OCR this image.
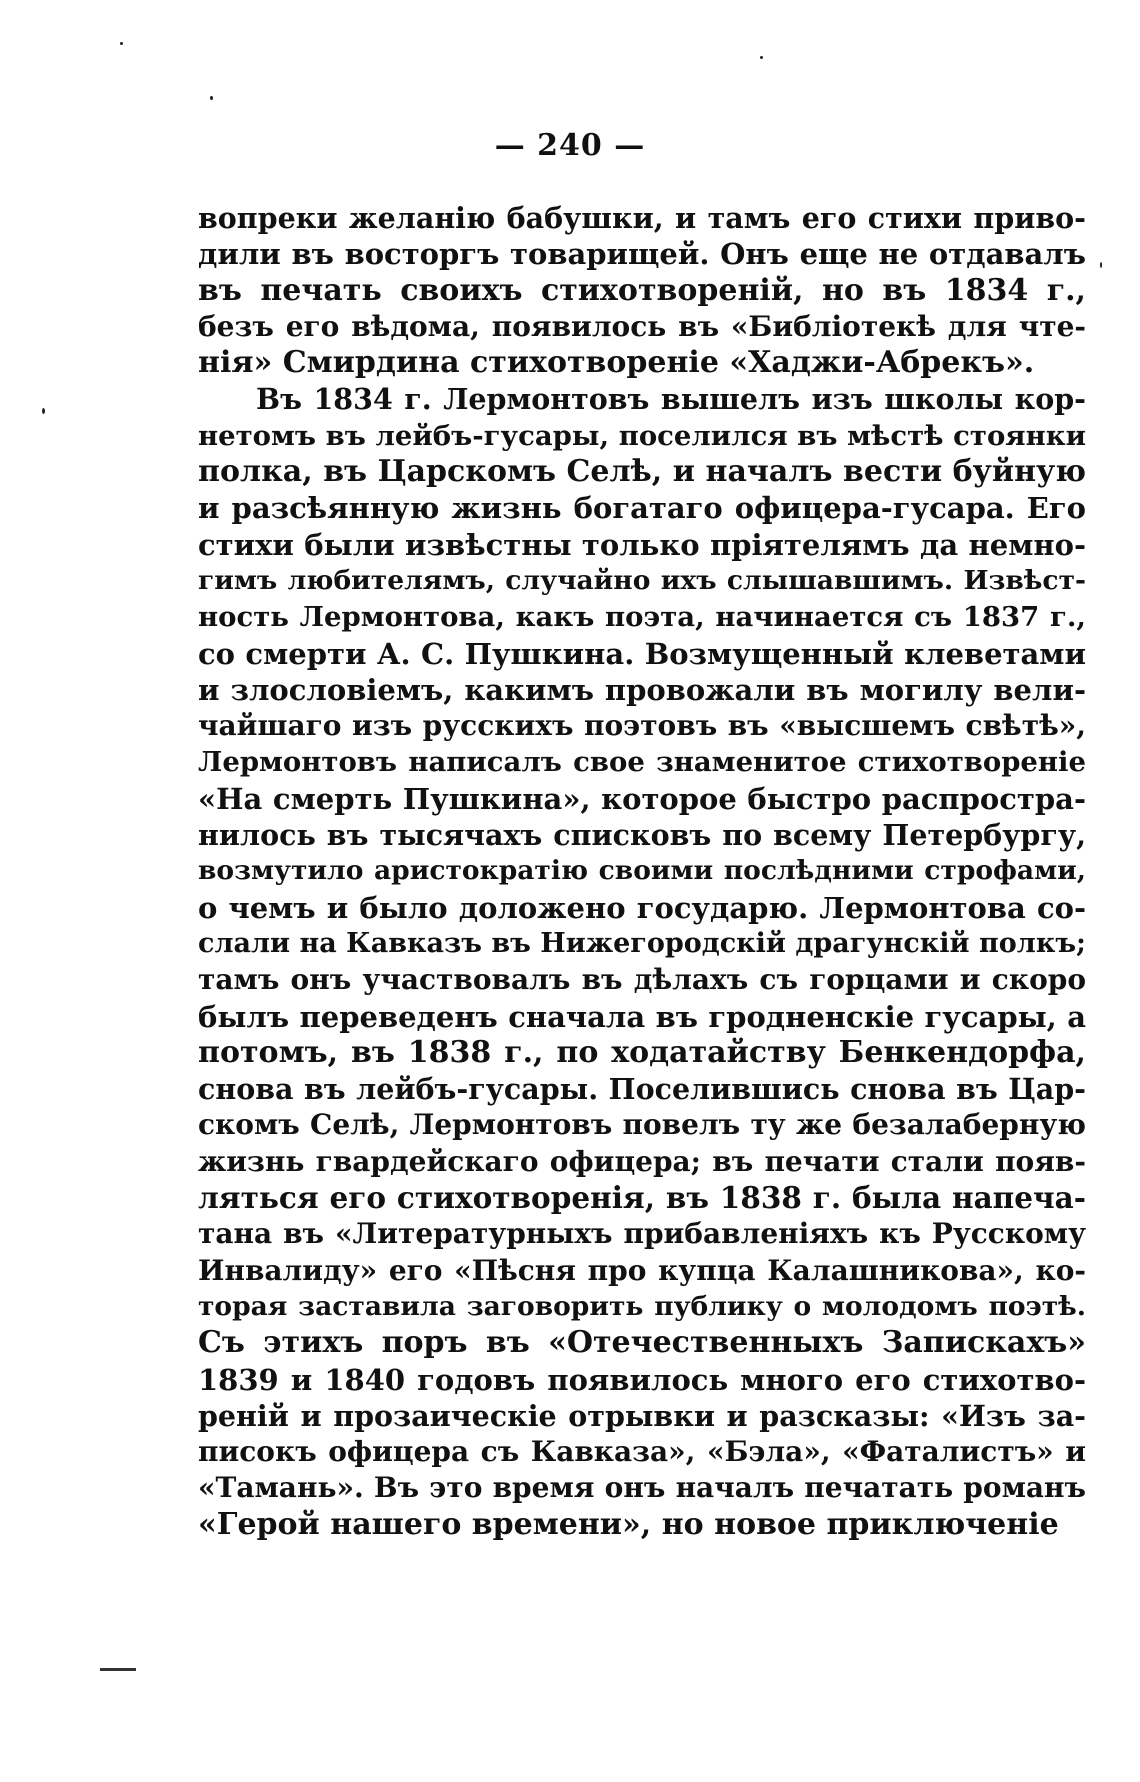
— 240 —
вопреки желанію бабушки, и тамъ его стихи приво-
дили въ восторгъ товарищей. Онъ еще не отдавалъ
въ печать своихъ стихотвореній, но въ 1834 г.,
безъ его вѣдома, появилось въ «Библіотекѣ для чте-
нія» Смирдина стихотвореніе «Хаджи-Абрекъ».
Въ 1834 г. Лермонтовъ вышелъ изъ школы кор-
нетомъ въ лейбъ-гусары, поселился въ мѣстѣ стоянки
полка, въ Царскомъ Селѣ, и началъ вести буйную
и разсѣянную жизнь богатаго офицера-гусара. Его
стихи были извѣстны только пріятелямъ да немно-
гимъ любителямъ, случайно ихъ слышавшимъ. Извѣст-
ность Лермонтова, какъ поэта, начинается съ 1837 г.,
со смерти А. С. Пушкина. Возмущенный клеветами
и злословіемъ, какимъ провожали въ могилу вели-
чайшаго изъ русскихъ поэтовъ въ «высшемъ свѣтѣ»,
Лермонтовъ написалъ свое знаменитое стихотвореніе
«На смерть Пушкина», которое быстро распростра-
нилось въ тысячахъ списковъ по всему Петербургу,
возмутило аристократію своими послѣдними строфами,
о чемъ и было доложено государю. Лермонтова со-
слали на Кавказъ въ Нижегородскій драгунскій полкъ;
тамъ онъ участвовалъ въ дѣлахъ съ горцами и скоро
былъ переведенъ сначала въ гродненскіе гусары, а
потомъ, въ 1838 г., по ходатайству Бенкендорфа,
снова въ лейбъ-гусары. Поселившись снова въ Цар-
скомъ Селѣ, Лермонтовъ повелъ ту же безалаберную
жизнь гвардейскаго офицера; въ печати стали появ-
ляться его стихотворенія, въ 1838 г. была напеча-
тана въ «Литературныхъ прибавленіяхъ къ Русскому
Инвалиду» его «Пѣсня про купца Калашникова», ко-
торая заставила заговорить публику о молодомъ поэтѣ.
Съ этихъ поръ въ «Отечественныхъ Запискахъ»
1839 и 1840 годовъ появилось много его стихотво-
реній и прозаическіе отрывки и разсказы: «Изъ за-
писокъ офицера съ Кавказа», «Бэла», «Фаталистъ» и
«Тамань». Въ это время онъ началъ печатать романъ
«Герой нашего времени», но новое приключеніе
